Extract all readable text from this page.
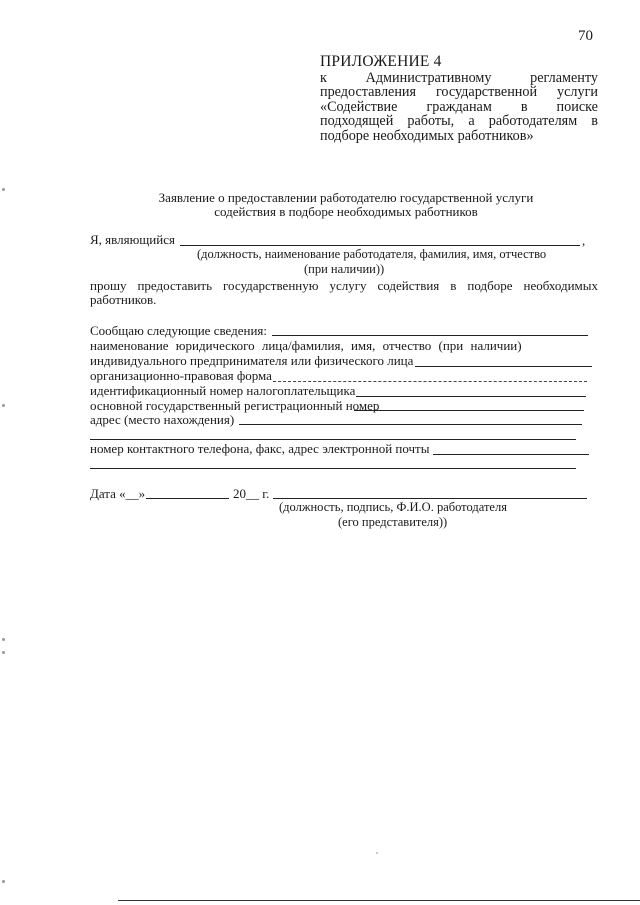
70
ПРИЛОЖЕНИЕ 4
к	Административному	регламенту
предоставления государственной услуги
«Содействие гражданам в поиске
подходящей работы, а работодателям в
подборе необходимых работников»
Заявление о предоставлении работодателю государственной услуги
содействия в подборе необходимых работников
Я, являющийся	,
(должность, наименование работодателя, фамилия, имя, отчество
(при наличии))
прошу предоставить государственную услугу содействия в подборе необходимых работников.
Сообщаю следующие сведения:
наименование юридического лица/фамилия, имя, отчество (при наличии)
индивидуального предпринимателя или физического лица
организационно-правовая форма
идентификационный номер налогоплательщика
основной государственный регистрационный номер
адрес (место нахождения)
номер контактного телефона, факс, адрес электронной почты
Дата «__»	20__ г.
(должность, подпись, Ф.И.О. работодателя
(его представителя))
